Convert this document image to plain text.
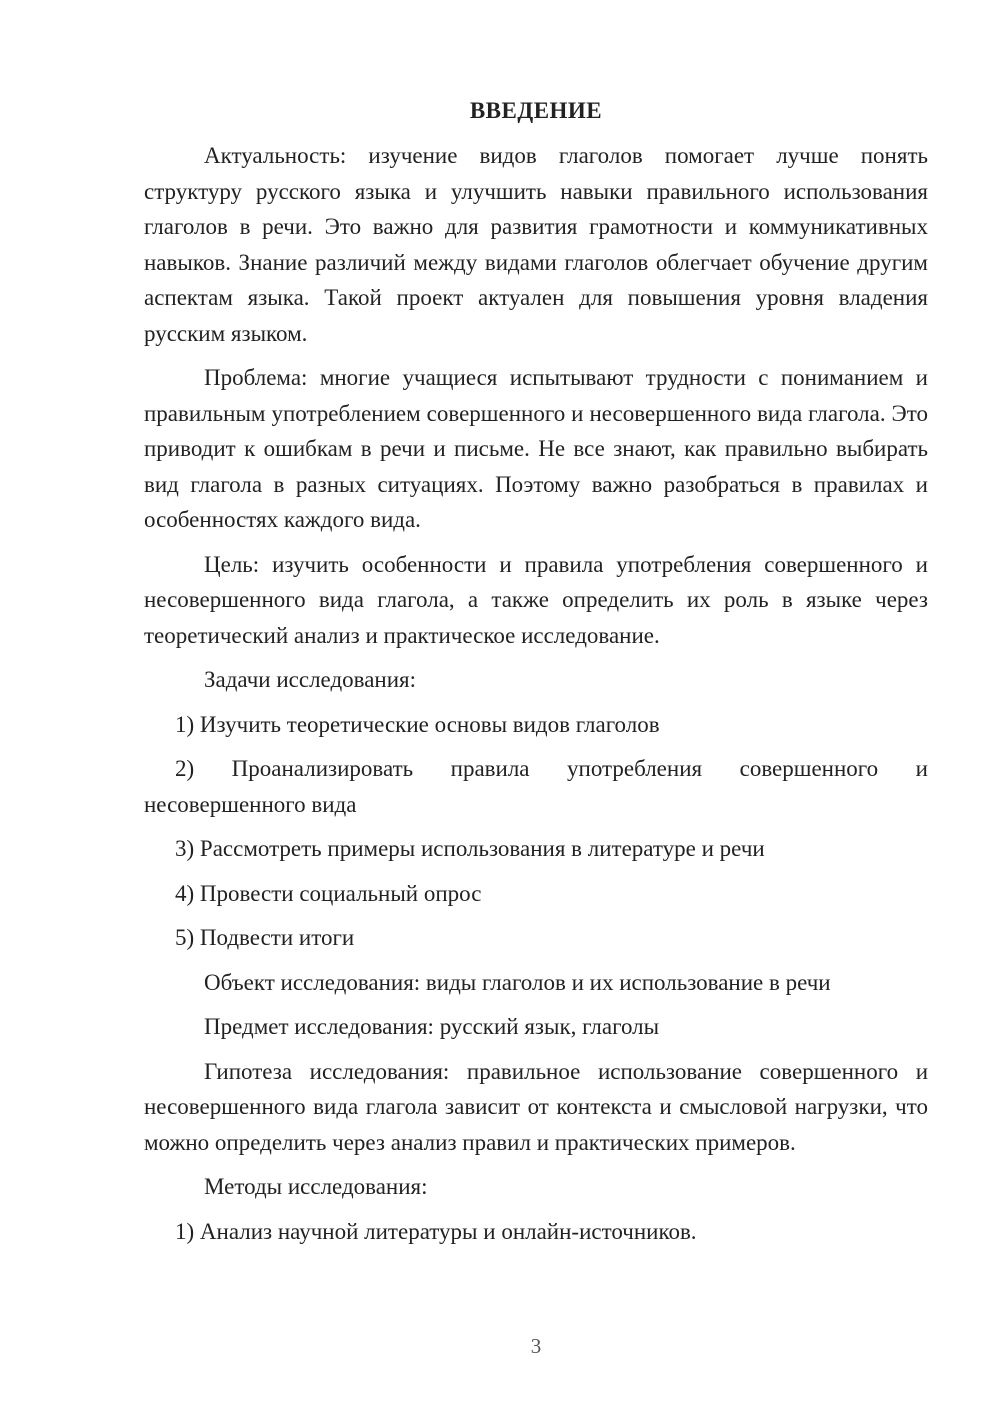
ВВЕДЕНИЕ

Актуальность: изучение видов глаголов помогает лучше понять структуру русского языка и улучшить навыки правильного использования глаголов в речи. Это важно для развития грамотности и коммуникативных навыков. Знание различий между видами глаголов облегчает обучение другим аспектам языка. Такой проект актуален для повышения уровня владения русским языком.

Проблема: многие учащиеся испытывают трудности с пониманием и правильным употреблением совершенного и несовершенного вида глагола. Это приводит к ошибкам в речи и письме. Не все знают, как правильно выбирать вид глагола в разных ситуациях. Поэтому важно разобраться в правилах и особенностях каждого вида.

Цель: изучить особенности и правила употребления совершенного и несовершенного вида глагола, а также определить их роль в языке через теоретический анализ и практическое исследование.

Задачи исследования:

1) Изучить теоретические основы видов глаголов

2) Проанализировать правила употребления совершенного и несовершенного вида

3) Рассмотреть примеры использования в литературе и речи

4) Провести социальный опрос

5) Подвести итоги

Объект исследования: виды глаголов и их использование в речи

Предмет исследования: русский язык, глаголы

Гипотеза исследования: правильное использование совершенного и несовершенного вида глагола зависит от контекста и смысловой нагрузки, что можно определить через анализ правил и практических примеров.

Методы исследования:

1) Анализ научной литературы и онлайн-источников.

3
